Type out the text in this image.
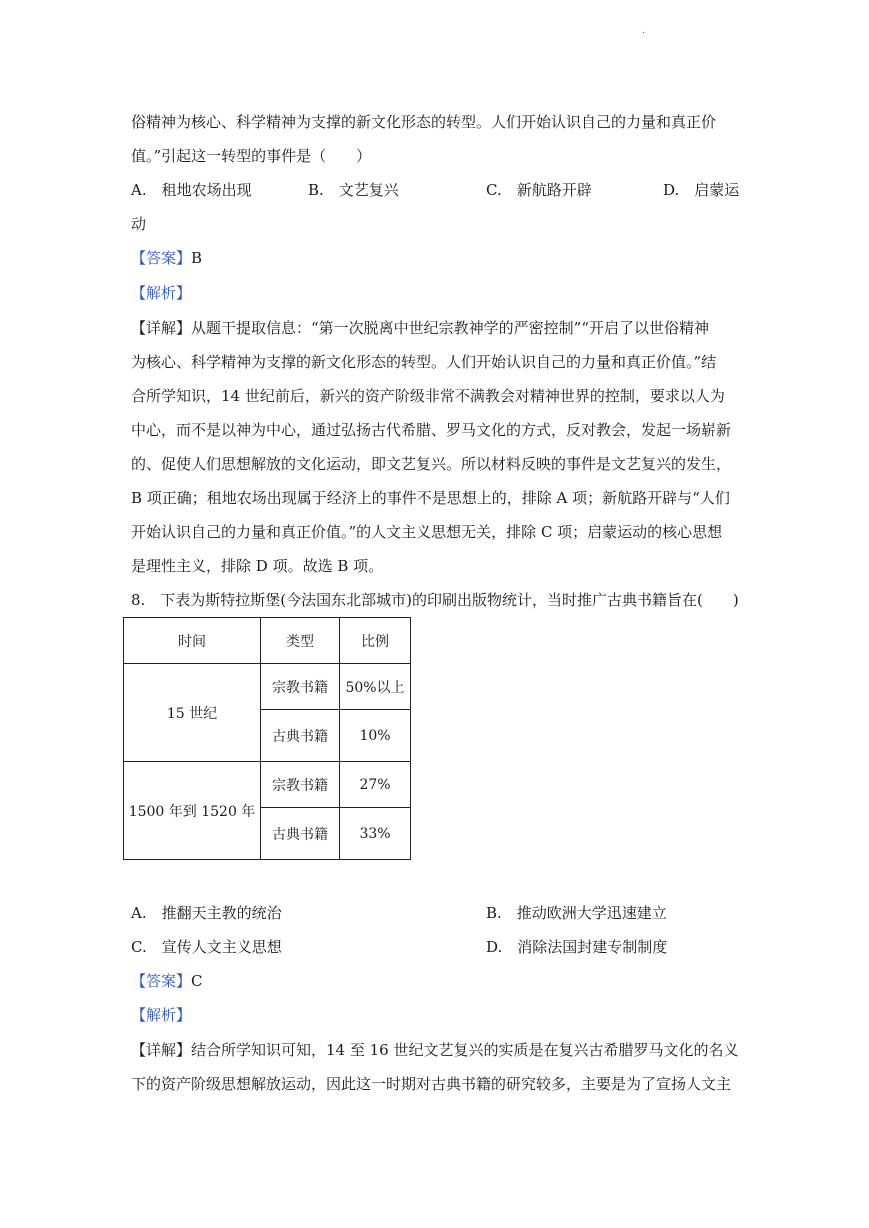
·
俗精神为核心、科学精神为支撑的新文化形态的转型。人们开始认识自己的力量和真正价
值。”引起这一转型的事件是（　　）
A.　租地农场出现	B.　文艺复兴	C.　新航路开辟	D.　启蒙运
动
【答案】B
【解析】
【详解】从题干提取信息：“第一次脱离中世纪宗教神学的严密控制”“开启了以世俗精神
为核心、科学精神为支撑的新文化形态的转型。人们开始认识自己的力量和真正价值。”结
合所学知识，14 世纪前后，新兴的资产阶级非常不满教会对精神世界的控制，要求以人为
中心，而不是以神为中心，通过弘扬古代希腊、罗马文化的方式，反对教会，发起一场崭新
的、促使人们思想解放的文化运动，即文艺复兴。所以材料反映的事件是文艺复兴的发生，
B 项正确；租地农场出现属于经济上的事件不是思想上的，排除 A 项；新航路开辟与“人们
开始认识自己的力量和真正价值。”的人文主义思想无关，排除 C 项；启蒙运动的核心思想
是理性主义，排除 D 项。故选 B 项。
8.　下表为斯特拉斯堡(今法国东北部城市)的印刷出版物统计，当时推广古典书籍旨在(　　)
时间	类型	比例
15 世纪	宗教书籍	50%以上
	古典书籍	10%
1500 年到 1520 年	宗教书籍	27%
	古典书籍	33%
A.　推翻天主教的统治	B.　推动欧洲大学迅速建立
C.　宣传人文主义思想	D.　消除法国封建专制制度
【答案】C
【解析】
【详解】结合所学知识可知，14 至 16 世纪文艺复兴的实质是在复兴古希腊罗马文化的名义
下的资产阶级思想解放运动，因此这一时期对古典书籍的研究较多，主要是为了宣扬人文主
